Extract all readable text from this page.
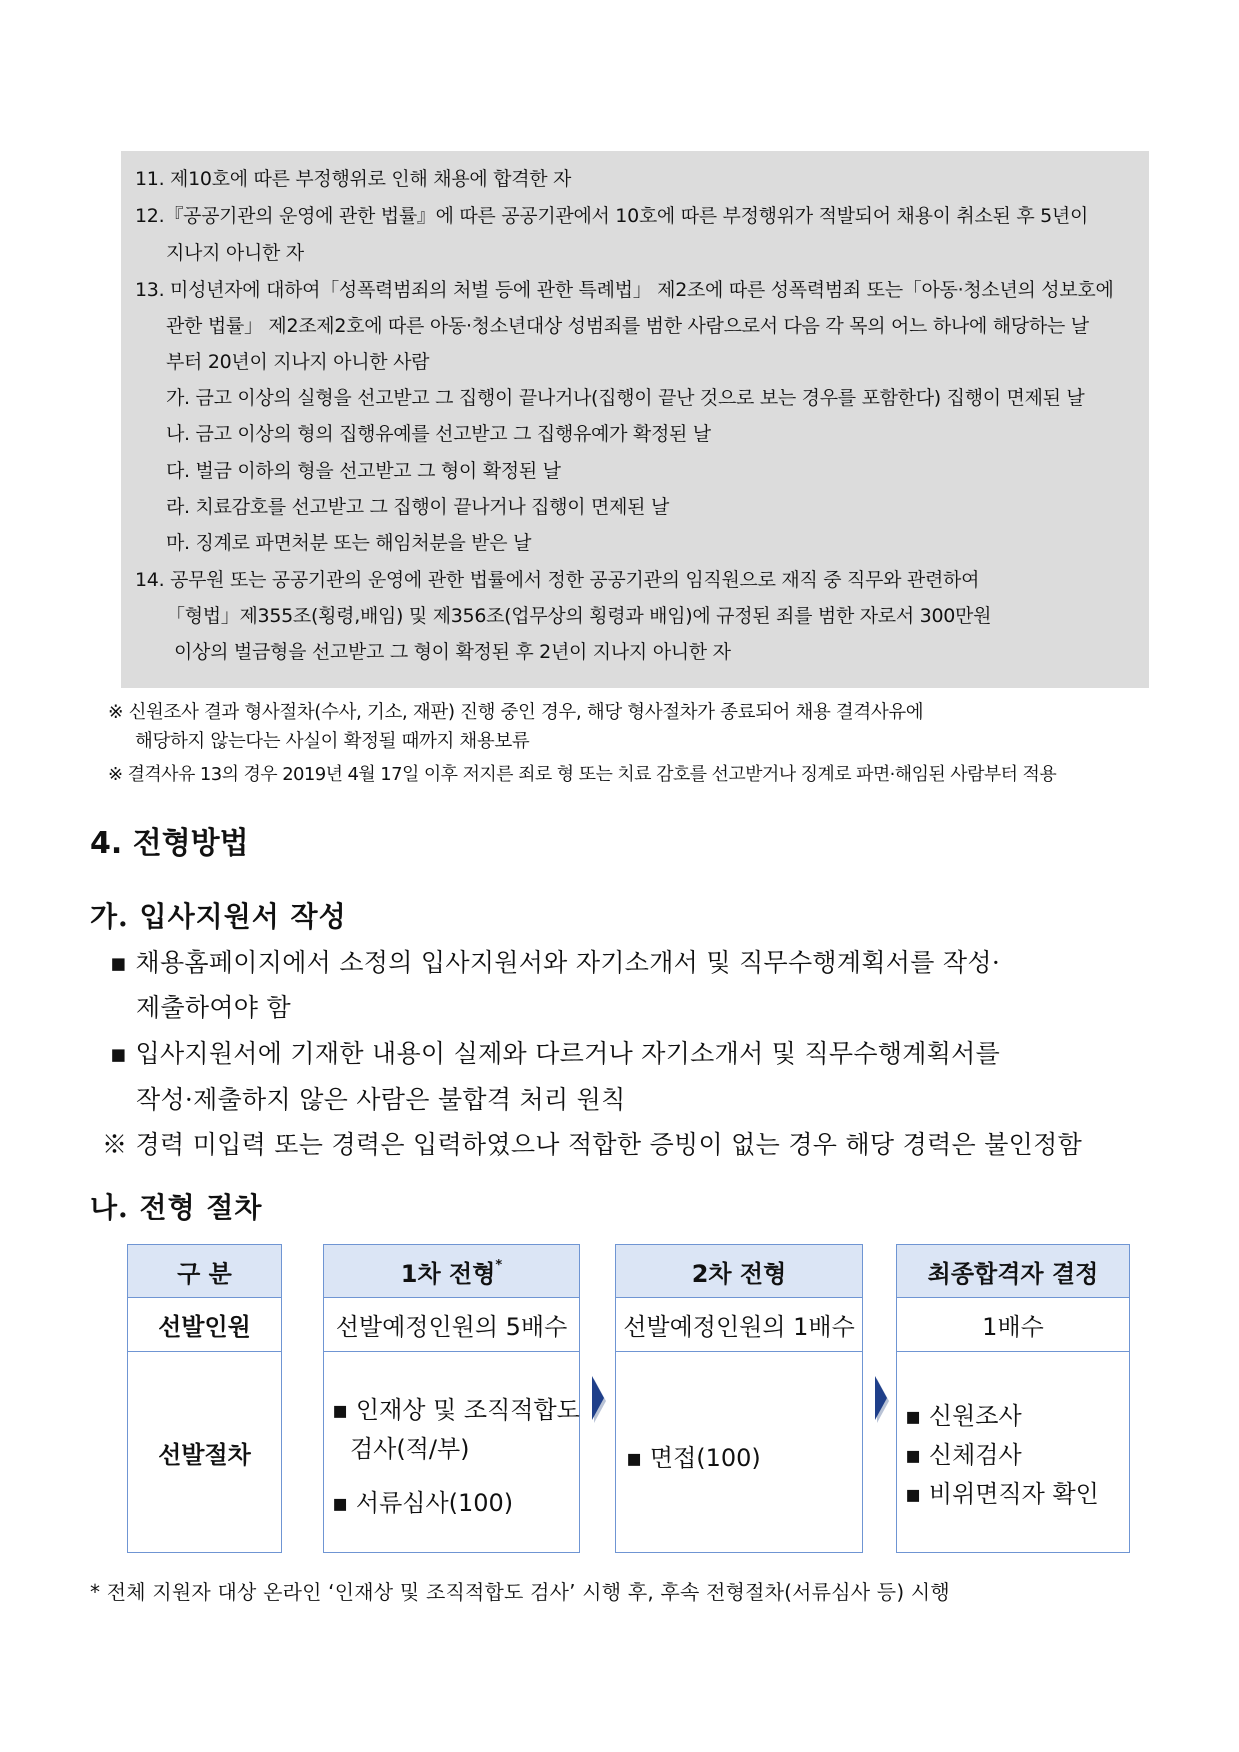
11. 제10호에 따른 부정행위로 인해 채용에 합격한 자
12.『공공기관의 운영에 관한 법률』에 따른 공공기관에서 10호에 따른 부정행위가 적발되어 채용이 취소된 후 5년이
지나지 아니한 자
13. 미성년자에 대하여「성폭력범죄의 처벌 등에 관한 특례법」 제2조에 따른 성폭력범죄 또는「아동·청소년의 성보호에
관한 법률」 제2조제2호에 따른 아동·청소년대상 성범죄를 범한 사람으로서 다음 각 목의 어느 하나에 해당하는 날
부터 20년이 지나지 아니한 사람
가. 금고 이상의 실형을 선고받고 그 집행이 끝나거나(집행이 끝난 것으로 보는 경우를 포함한다) 집행이 면제된 날
나. 금고 이상의 형의 집행유예를 선고받고 그 집행유예가 확정된 날
다. 벌금 이하의 형을 선고받고 그 형이 확정된 날
라. 치료감호를 선고받고 그 집행이 끝나거나 집행이 면제된 날
마. 징계로 파면처분 또는 해임처분을 받은 날
14. 공무원 또는 공공기관의 운영에 관한 법률에서 정한 공공기관의 임직원으로 재직 중 직무와 관련하여
「형법」제355조(횡령,배임) 및 제356조(업무상의 횡령과 배임)에 규정된 죄를 범한 자로서 300만원
이상의 벌금형을 선고받고 그 형이 확정된 후 2년이 지나지 아니한 자
※ 신원조사 결과 형사절차(수사, 기소, 재판) 진행 중인 경우, 해당 형사절차가 종료되어 채용 결격사유에
해당하지 않는다는 사실이 확정될 때까지 채용보류
※ 결격사유 13의 경우 2019년 4월 17일 이후 저지른 죄로 형 또는 치료 감호를 선고받거나 징계로 파면·해임된 사람부터 적용
4. 전형방법
가. 입사지원서 작성
▪ 채용홈페이지에서 소정의 입사지원서와 자기소개서 및 직무수행계획서를 작성·
제출하여야 함
▪ 입사지원서에 기재한 내용이 실제와 다르거나 자기소개서 및 직무수행계획서를
작성·제출하지 않은 사람은 불합격 처리 원칙
※ 경력 미입력 또는 경력은 입력하였으나 적합한 증빙이 없는 경우 해당 경력은 불인정함
나. 전형 절차
구 분
선발인원
선발절차
1차 전형*
선발예정인원의 5배수
▪ 인재상 및 조직적합도
검사(적/부)
▪ 서류심사(100)
2차 전형
선발예정인원의 1배수
▪ 면접(100)
최종합격자 결정
1배수
▪ 신원조사
▪ 신체검사
▪ 비위면직자 확인
* 전체 지원자 대상 온라인 ‘인재상 및 조직적합도 검사’ 시행 후, 후속 전형절차(서류심사 등) 시행
